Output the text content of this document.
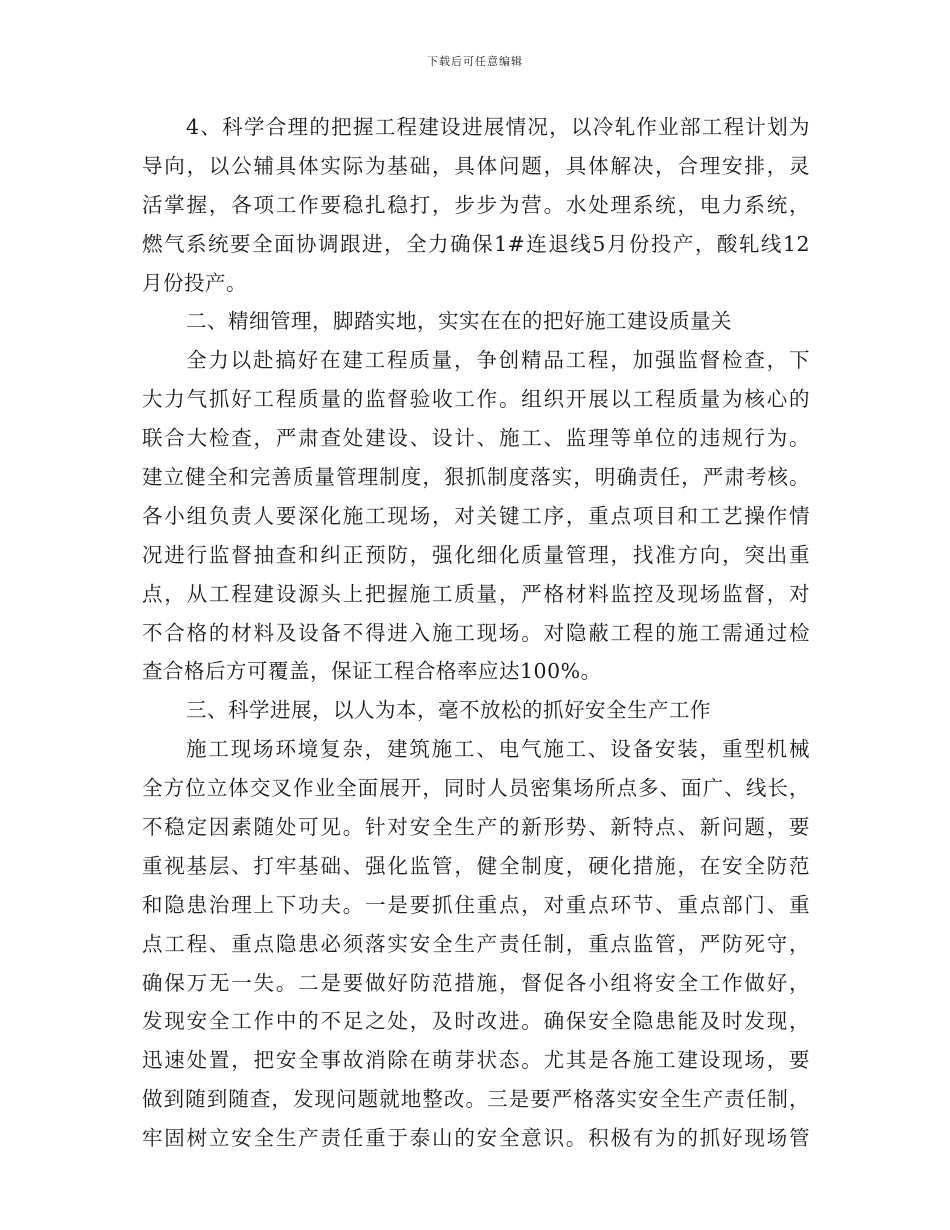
下载后可任意编辑
4、科学合理的把握工程建设进展情况，以冷轧作业部工程计划为
导向，以公辅具体实际为基础，具体问题，具体解决，合理安排，灵
活掌握，各项工作要稳扎稳打，步步为营。水处理系统，电力系统，
燃气系统要全面协调跟进，全力确保1#连退线5月份投产，酸轧线12
月份投产。
二、精细管理，脚踏实地，实实在在的把好施工建设质量关
全力以赴搞好在建工程质量，争创精品工程，加强监督检查，下
大力气抓好工程质量的监督验收工作。组织开展以工程质量为核心的
联合大检查，严肃查处建设、设计、施工、监理等单位的违规行为。
建立健全和完善质量管理制度，狠抓制度落实，明确责任，严肃考核。
各小组负责人要深化施工现场，对关键工序，重点项目和工艺操作情
况进行监督抽查和纠正预防，强化细化质量管理，找准方向，突出重
点，从工程建设源头上把握施工质量，严格材料监控及现场监督，对
不合格的材料及设备不得进入施工现场。对隐蔽工程的施工需通过检
查合格后方可覆盖，保证工程合格率应达100%。
三、科学进展，以人为本，毫不放松的抓好安全生产工作
施工现场环境复杂，建筑施工、电气施工、设备安装，重型机械
全方位立体交叉作业全面展开，同时人员密集场所点多、面广、线长，
不稳定因素随处可见。针对安全生产的新形势、新特点、新问题，要
重视基层、打牢基础、强化监管，健全制度，硬化措施，在安全防范
和隐患治理上下功夫。一是要抓住重点，对重点环节、重点部门、重
点工程、重点隐患必须落实安全生产责任制，重点监管，严防死守，
确保万无一失。二是要做好防范措施，督促各小组将安全工作做好，
发现安全工作中的不足之处，及时改进。确保安全隐患能及时发现，
迅速处置，把安全事故消除在萌芽状态。尤其是各施工建设现场，要
做到随到随查，发现问题就地整改。三是要严格落实安全生产责任制，
牢固树立安全生产责任重于泰山的安全意识。积极有为的抓好现场管
